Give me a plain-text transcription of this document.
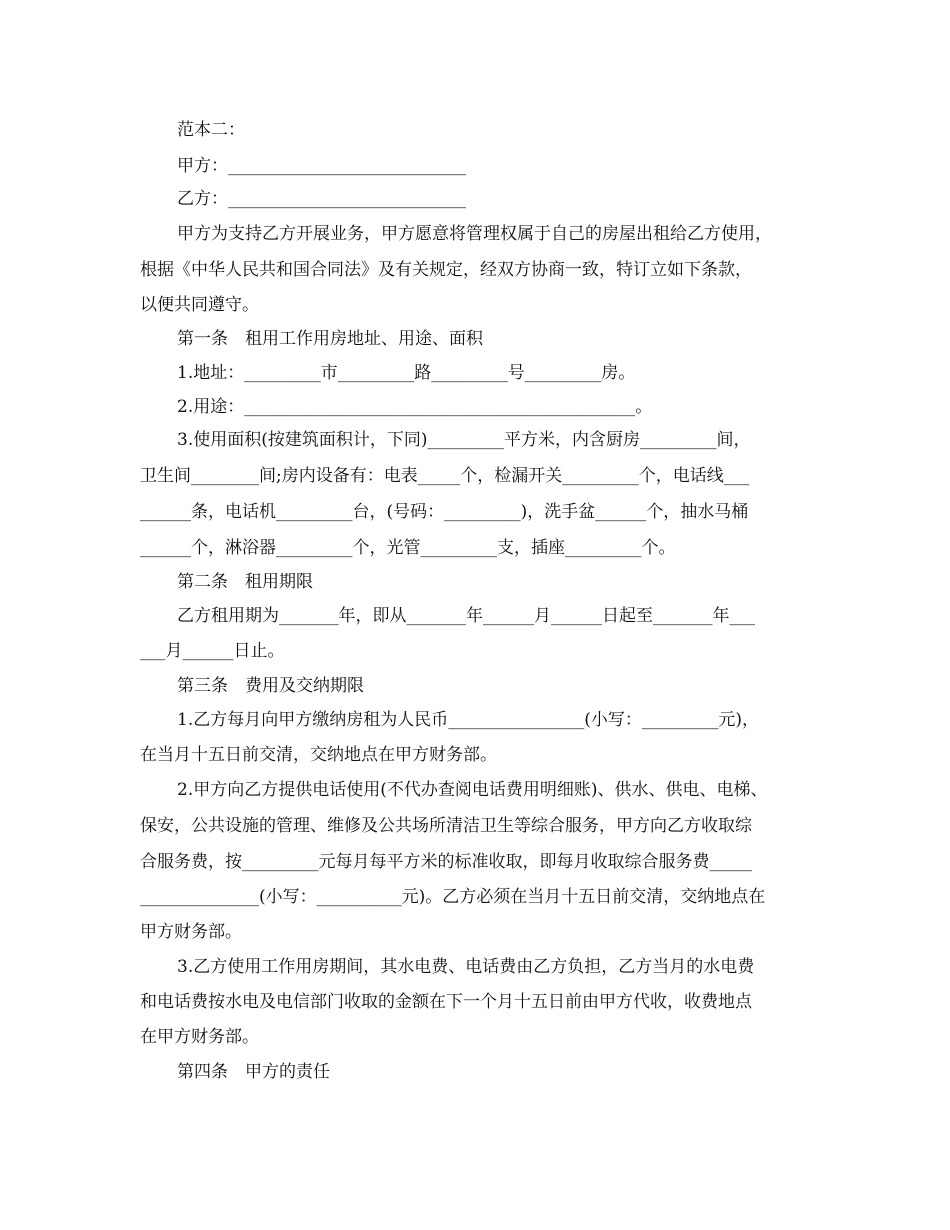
范本二：
甲方：____________________________
乙方：____________________________
甲方为支持乙方开展业务，甲方愿意将管理权属于自己的房屋出租给乙方使用，
根据《中华人民共和国合同法》及有关规定，经双方协商一致，特订立如下条款，
以便共同遵守。
第一条　租用工作用房地址、用途、面积
1.地址：_________市_________路_________号_________房。
2.用途：______________________________________________。
3.使用面积(按建筑面积计，下同)_________平方米，内含厨房_________间，
卫生间________间;房内设备有：电表_____个，检漏开关_________个，电话线___
______条，电话机_________台，(号码：_________)，洗手盆______个，抽水马桶
______个，淋浴器_________个，光管_________支，插座_________个。
第二条　租用期限
乙方租用期为_______年，即从_______年______月______日起至_______年___
___月______日止。
第三条　费用及交纳期限
1.乙方每月向甲方缴纳房租为人民币________________(小写：_________元)，
在当月十五日前交清，交纳地点在甲方财务部。
2.甲方向乙方提供电话使用(不代办查阅电话费用明细账)、供水、供电、电梯、
保安，公共设施的管理、维修及公共场所清洁卫生等综合服务，甲方向乙方收取综
合服务费，按_________元每月每平方米的标准收取，即每月收取综合服务费_____
______________(小写：__________元)。乙方必须在当月十五日前交清，交纳地点在
甲方财务部。
3.乙方使用工作用房期间，其水电费、电话费由乙方负担，乙方当月的水电费
和电话费按水电及电信部门收取的金额在下一个月十五日前由甲方代收，收费地点
在甲方财务部。
第四条　甲方的责任
